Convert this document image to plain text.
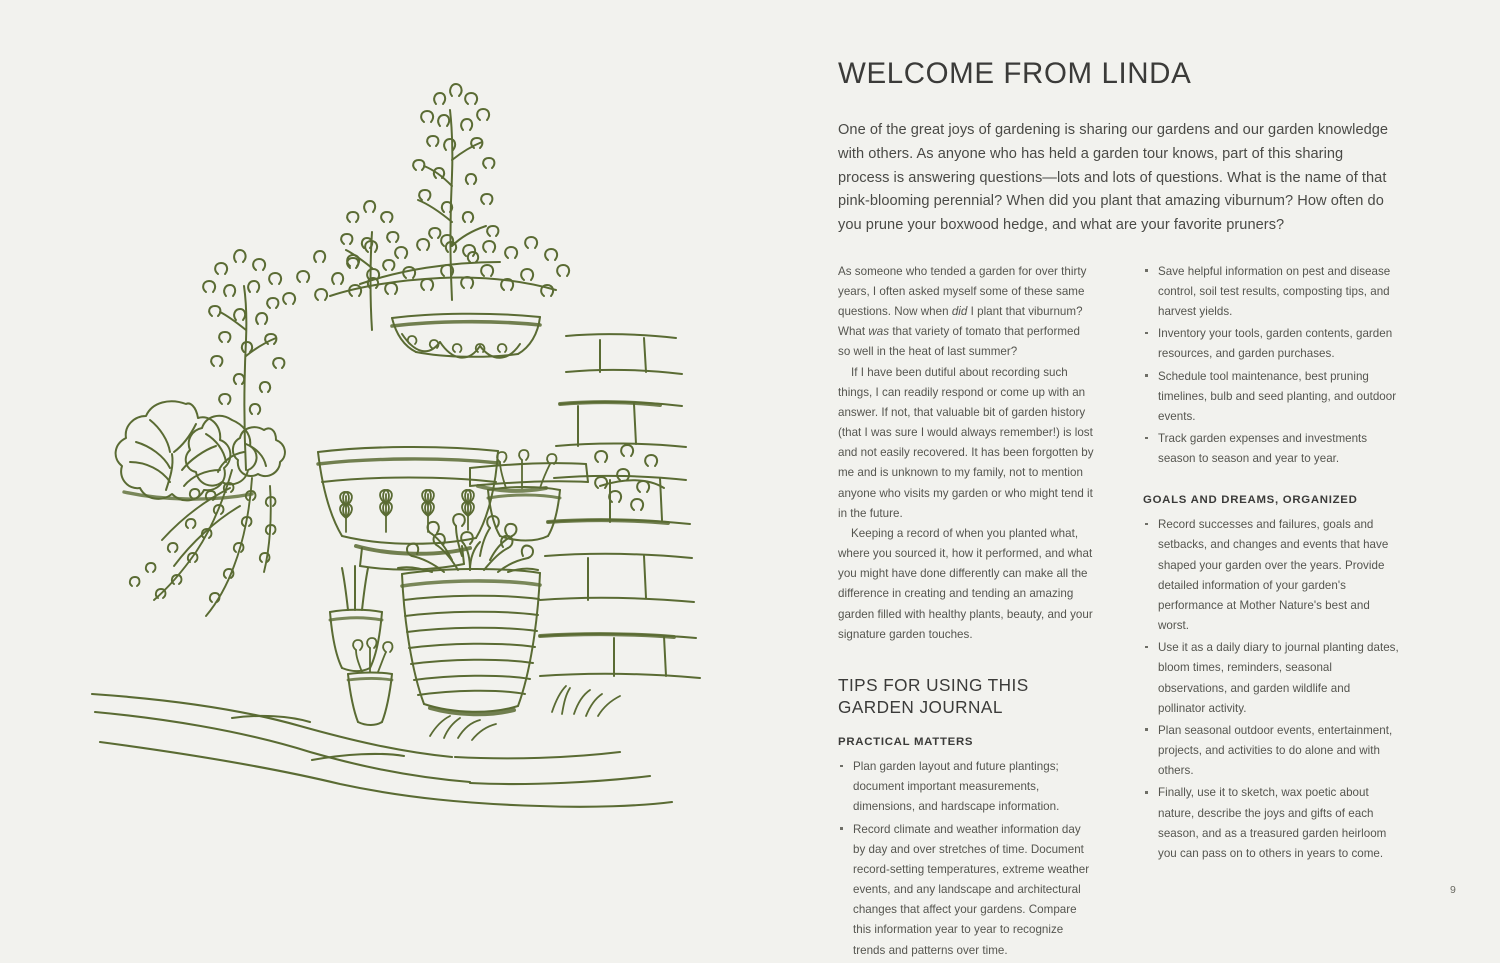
WELCOME FROM LINDA

One of the great joys of gardening is sharing our gardens and our garden knowledge with others. As anyone who has held a garden tour knows, part of this sharing process is answering questions—lots and lots of questions. What is the name of that pink-blooming perennial? When did you plant that amazing viburnum? How often do you prune your boxwood hedge, and what are your favorite pruners?

As someone who tended a garden for over thirty years, I often asked myself some of these same questions. Now when did I plant that viburnum? What was that variety of tomato that performed so well in the heat of last summer?

If I have been dutiful about recording such things, I can readily respond or come up with an answer. If not, that valuable bit of garden history (that I was sure I would always remember!) is lost and not easily recovered. It has been forgotten by me and is unknown to my family, not to mention anyone who visits my garden or who might tend it in the future.

Keeping a record of when you planted what, where you sourced it, how it performed, and what you might have done differently can make all the difference in creating and tending an amazing garden filled with healthy plants, beauty, and your signature garden touches.

TIPS FOR USING THIS GARDEN JOURNAL
PRACTICAL MATTERS
Plan garden layout and future plantings; document important measurements, dimensions, and hardscape information.
Record climate and weather information day by day and over stretches of time. Document record-setting temperatures, extreme weather events, and any landscape and architectural changes that affect your gardens. Compare this information year to year to recognize trends and patterns over time.
Save helpful information on pest and disease control, soil test results, composting tips, and harvest yields.
Inventory your tools, garden contents, garden resources, and garden purchases.
Schedule tool maintenance, best pruning timelines, bulb and seed planting, and outdoor events.
Track garden expenses and investments season to season and year to year.
GOALS AND DREAMS, ORGANIZED
Record successes and failures, goals and setbacks, and changes and events that have shaped your garden over the years. Provide detailed information of your garden's performance at Mother Nature's best and worst.
Use it as a daily diary to journal planting dates, bloom times, reminders, seasonal observations, and garden wildlife and pollinator activity.
Plan seasonal outdoor events, entertainment, projects, and activities to do alone and with others.
Finally, use it to sketch, wax poetic about nature, describe the joys and gifts of each season, and as a treasured garden heirloom you can pass on to others in years to come.
9
